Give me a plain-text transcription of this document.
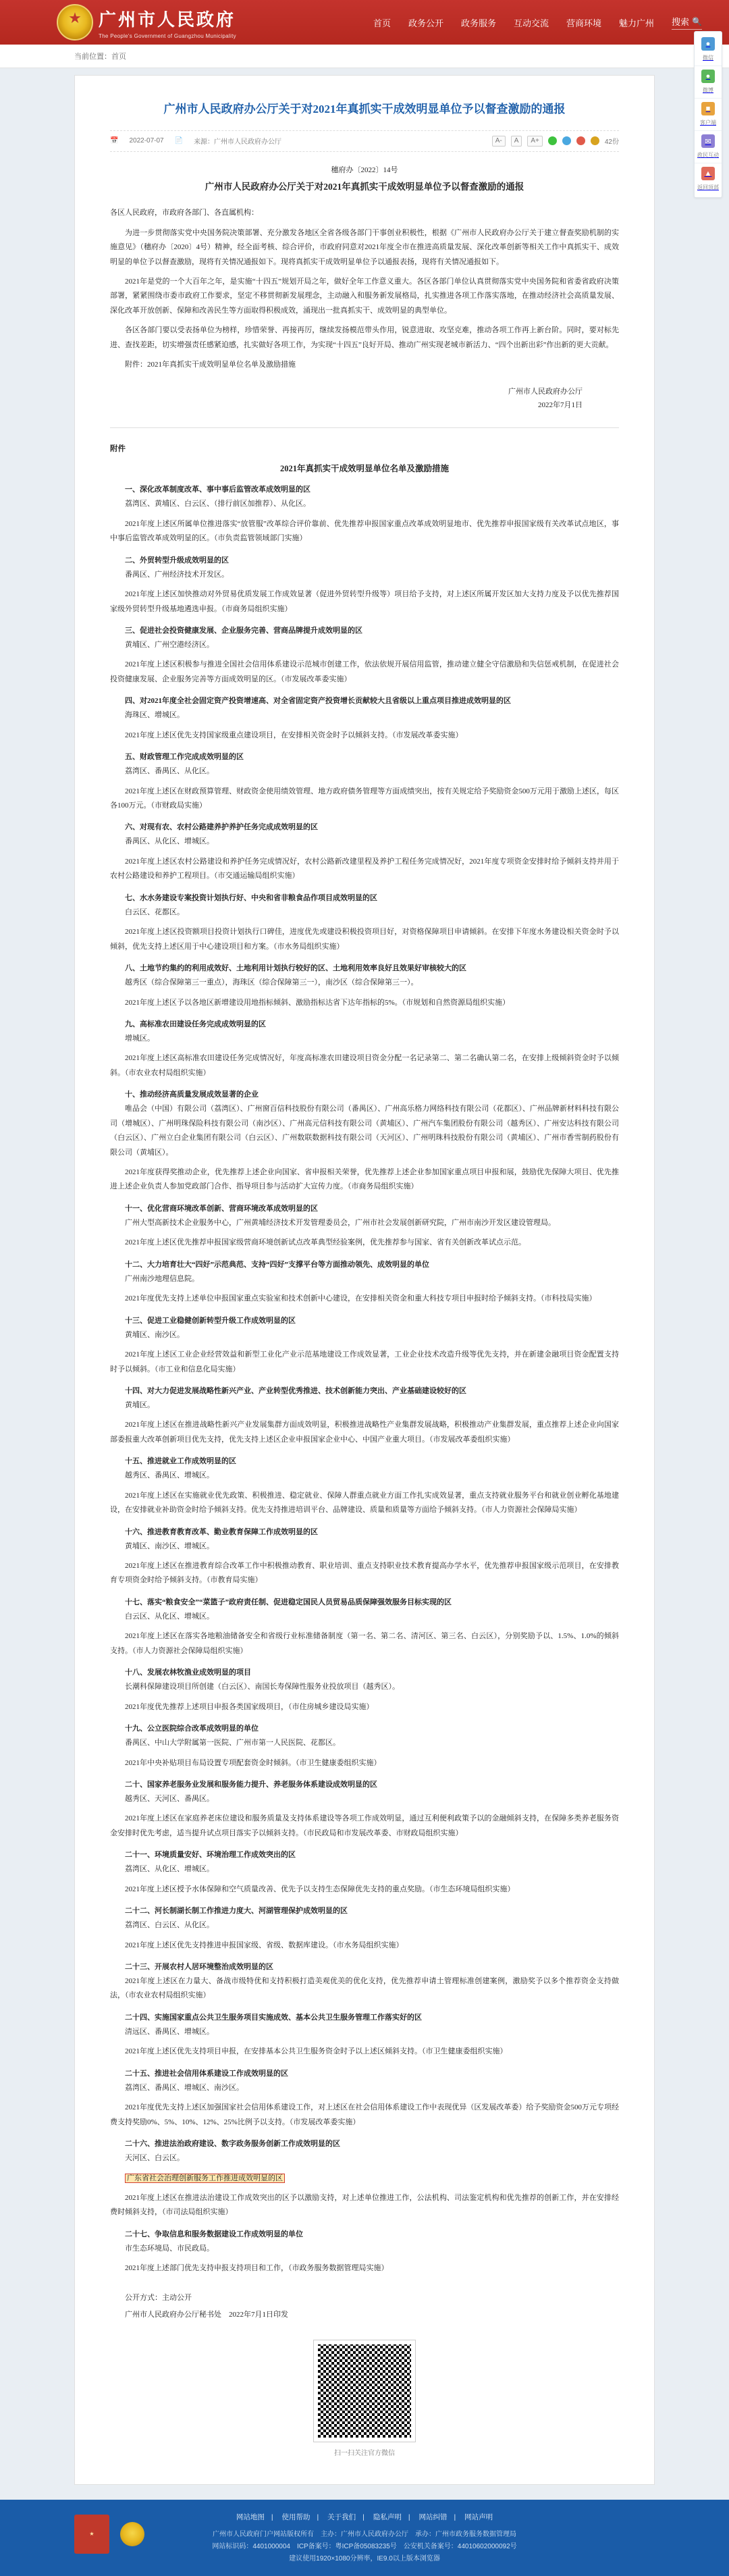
★
广州市人民政府
The People's Government of Guangzhou Municipality
首页 政务公开 政务服务 互动交流 营商环境 魅力广州 搜索 🔍
当前位置：首页
●
微信
●
微博
■
客户端
✉
政民互动
▲
返回顶部
广州市人民政府办公厅关于对2021年真抓实干成效明显单位予以督查激励的通报
📅 2022-07-07 📄 来源：广州市人民政府办公厅	A-	A	A+	42份
穗府办〔2022〕14号
广州市人民政府办公厅关于对2021年真抓实干成效明显单位予以督查激励的通报

各区人民政府，市政府各部门、各直属机构：

为进一步贯彻落实党中央国务院决策部署、充分激发各地区全省各级各部门干事创业积极性，根据《广州市人民政府办公厅关于建立督查奖励机制的实施意见》（穗府办〔2020〕4号）精神，经全面考核、综合评价，市政府同意对2021年度全市在推进高质量发展、深化改革创新等相关工作中真抓实干、成效明显的单位予以督查激励，现将有关情况通报如下。现将真抓实干成效明显单位予以通报表扬，现将有关情况通报如下。

2021年是党的一个大百年之年，是实施“十四五”规划开局之年，做好全年工作意义重大。各区各部门单位认真贯彻落实党中央国务院和省委省政府决策部署，紧紧围绕市委市政府工作要求，坚定不移贯彻新发展理念，主动融入和服务新发展格局，扎实推进各项工作落实落地，在推动经济社会高质量发展、深化改革开放创新、保障和改善民生等方面取得积极成效，涌现出一批真抓实干、成效明显的典型单位。

各区各部门要以受表扬单位为榜样，珍惜荣誉、再接再厉，继续发扬模范带头作用，锐意进取、攻坚克难，推动各项工作再上新台阶。同时，要对标先进、查找差距，切实增强责任感紧迫感，扎实做好各项工作，为实现“十四五”良好开局、推动广州实现老城市新活力、“四个出新出彩”作出新的更大贡献。

附件：2021年真抓实干成效明显单位名单及激励措施

广州市人民政府办公厅
2022年7月1日
附件
2021年真抓实干成效明显单位名单及激励措施
一、深化改革制度改革、事中事后监管改革成效明显的区

荔湾区、黄埔区、白云区、（排行前区加推荐）、从化区。

2021年度上述区所属单位推进落实“放管服”改革综合评价靠前、优先推荐申报国家重点改革成效明显地市、优先推荐申报国家级有关改革试点地区，事中事后监管改革成效明显的区。（市负责监管领域部门实施）

二、外贸转型升级成效明显的区

番禺区、广州经济技术开发区。

2021年度上述区加快推动对外贸易优质发展工作成效显著（促进外贸转型升级等）项目给予支持，对上述区所属开发区加大支持力度及予以优先推荐国家级外贸转型升级基地遴选申报。（市商务局组织实施）

三、促进社会投资健康发展、企业服务完善、营商品牌提升成效明显的区

黄埔区、广州空港经济区。

2021年度上述区积极参与推进全国社会信用体系建设示范城市创建工作，依法依规开展信用监管，推动建立健全守信激励和失信惩戒机制，在促进社会投资健康发展、企业服务完善等方面成效明显的区。（市发展改革委实施）

四、对2021年度全社会固定资产投资增速高、对全省固定资产投资增长贡献较大且省级以上重点项目推进成效明显的区

海珠区、增城区。

2021年度上述区优先支持国家级重点建设项目，在安排相关资金时予以倾斜支持。（市发展改革委实施）

五、财政管理工作完成成效明显的区

荔湾区、番禺区、从化区。

2021年度上述区在财政预算管理、财政资金使用绩效管理、地方政府债务管理等方面成绩突出，按有关规定给予奖励资金500万元用于激励上述区，每区各100万元。（市财政局实施）

六、对现有农、农村公路建养护养护任务完成成效明显的区

番禺区、从化区、增城区。

2021年度上述区农村公路建设和养护任务完成情况好，农村公路新改建里程及养护工程任务完成情况好，2021年度专项资金安排时给予倾斜支持并用于农村公路建设和养护工程项目。（市交通运输局组织实施）

七、水水务建设专案投资计划执行好、中央和省非粮食品作项目成效明显的区

白云区、花都区。

2021年度上述区投资额项目投资计划执行口碑佳，进度优先或建设积极投资项目好，对资格保障项目申请倾斜。在安排下年度水务建设相关资金时予以倾斜，优先支持上述区用于中心建设项目和方案。（市水务局组织实施）

八、土地节约集约的利用成效好、土地利用计划执行较好的区、土地利用效率良好且效果好审核较大的区

越秀区（综合保障第三一重点），海珠区（综合保障第三一），南沙区（综合保障第三一）。

2021年度上述区予以各地区新增建设用地指标倾斜、激励指标达省下达年指标的5%。（市规划和自然资源局组织实施）

九、高标准农田建设任务完成成效明显的区

增城区。

2021年度上述区高标准农田建设任务完成情况好，年度高标准农田建设项目资金分配一名记录第二、第二名确认第二名，在安排上级倾斜资金时予以倾斜。（市农业农村局组织实施）

十、推动经济高质量发展成效显著的企业

唯品会（中国）有限公司（荔湾区）、广州窗百信科技股份有限公司（番禺区）、广州高乐格力网络科技有限公司（花都区）、广州品牌新材料科技有限公司（增城区）、广州明珠保险科技有限公司（南沙区）、广州高元信科技有限公司（黄埔区）、广州汽车集团股份有限公司（越秀区）、广州安达科技有限公司（白云区）、广州立白企业集团有限公司（白云区）、广州数联数据科技有限公司（天河区）、广州明珠科技股份有限公司（黄埔区）、广州市香雪制药股份有限公司（黄埔区）。

2021年度获得奖推动企业，优先推荐上述企业向国家、省申报相关荣誉，优先推荐上述企业参加国家重点项目申报和展，鼓励优先保障大项目、优先推进上述企业负责人参加党政部门合作、指导项目参与活动扩大宣传力度。（市商务局组织实施）

十一、优化营商环境改革创新、营商环境改革成效明显的区

广州大型高新技术企业服务中心，广州黄埔经济技术开发管理委员会，广州市社会发展创新研究院，广州市南沙开发区建设管理局。

2021年度上述区优先推荐申报国家级营商环境创新试点改革典型经验案例，优先推荐参与国家、省有关创新改革试点示范。

十二、大力培育壮大“四好”示范典范、支持“四好”支撑平台等方面推动领先、成效明显的单位

广州南沙地理信息院。

2021年度优先支持上述单位申报国家重点实验室和技术创新中心建设，在安排相关资金和重大科技专项目申报时给予倾斜支持。（市科技局实施）

十三、促进工业稳健创新转型升级工作成效明显的区

黄埔区、南沙区。

2021年度上述区工业企业经营效益和新型工业化产业示范基地建设工作成效显著，工业企业技术改造升级等优先支持，并在新建金融项目资金配置支持时予以倾斜。（市工业和信息化局实施）

十四、对大力促进发展战略性新兴产业、产业转型优秀推进、技术创新能力突出、产业基础建设较好的区

黄埔区。

2021年度上述区在推进战略性新兴产业发展集群方面成效明显，积极推进战略性产业集群发展战略，积极推动产业集群发展，重点推荐上述企业向国家部委报重大改革创新项目优先支持，优先支持上述区企业申报国家企业中心、中国产业重大项目。（市发展改革委组织实施）

十五、推进就业工作成效明显的区

越秀区、番禺区、增城区。

2021年度上述区在实施就业优先政策、积极推进、稳定就业、保障人群重点就业方面工作扎实成效显著，重点支持就业服务平台和就业创业孵化基地建设，在安排就业补助资金时给予倾斜支持。优先支持推进培训平台、品牌建设、质量和质量等方面给予倾斜支持。（市人力资源社会保障局实施）

十六、推进教育教育改革、勤业教育保障工作成效明显的区

黄埔区、南沙区、增城区。

2021年度上述区在推进教育综合改革工作中积极推动教育、职业培训、重点支持职业技术教育提高办学水平，优先推荐申报国家级示范项目，在安排教育专项资金时给予倾斜支持。（市教育局实施）

十七、落实“粮食安全”“菜篮子”政府责任制、促进稳定国民人员贸易品质保障强效服务目标实现的区

白云区、从化区、增城区。

2021年度上述区在落实各地粮油储备安全和省级行业标准储备制度（第一名、第二名、清河区、第三名、白云区），分别奖励予以、1.5%、1.0%的倾斜支持。（市人力资源社会保障局组织实施）

十八、发展农林牧渔业成效明显的项目

长潮科保障建设项目所创建（白云区）、南国长寿保障性服务业投放项目（越秀区）。

2021年度优先推荐上述项目申报各类国家级项目，（市住房城乡建设局实施）

十九、公立医院综合改革成效明显的单位

番禺区、中山大学附属第一医院、广州市第一人民医院、花都区。

2021年中央补贴项目布局设置专项配套资金时倾斜。（市卫生健康委组织实施）

二十、国家养老服务业发展和服务能力提升、养老服务体系建设成效明显的区

越秀区、天河区、番禺区。

2021年度上述区在家庭养老床位建设和服务质量及支持体系建设等各项工作成效明显，通过互利便利政策予以的金融倾斜支持，在保障多类养老服务资金安排时优先考虑，适当提升试点项目落实予以倾斜支持。（市民政局和市发展改革委、市财政局组织实施）

二十一、环境质量安好、环境治理工作成效突出的区

荔湾区、从化区、增城区。

2021年度上述区授予水体保障和空气质量改善、优先予以支持生态保障优先支持的重点奖励。（市生态环境局组织实施）

二十二、河长制湖长制工作推进力度大、河湖管理保护成效明显的区

荔湾区、白云区、从化区。

2021年度上述区优先支持推进申报国家级、省级、数据库建设。（市水务局组织实施）

二十三、开展农村人居环境整治成效明显的区

2021年度上述区在力量大、备战市级特优和支持积极打造美观优美的优化支持，优先推荐申请土管理标准创建案例，激励奖予以多个推荐资金支持做法，（市农业农村局组织实施）

二十四、实施国家重点公共卫生服务项目实施成效、基本公共卫生服务管理工作落实好的区

清远区、番禺区、增城区。

2021年度上述区优先支持项目申报，在安排基本公共卫生服务资金时予以上述区倾斜支持。（市卫生健康委组织实施）

二十五、推进社会信用体系建设工作成效明显的区

荔湾区、番禺区、增城区、南沙区。

2021年度优先支持上述区加强国家社会信用体系建设工作，对上述区在社会信用体系建设工作中表现优异（区发展改革委）给予奖励资金500万元专项经费支持奖励0%、5%、10%、12%、25%比例予以支持。（市发展改革委实施）

二十六、推进法治政府建设、数字政务服务创新工作成效明显的区

天河区、白云区。

广东省社会治理创新服务工作推进成效明显的区

2021年度上述区在推进法治建设工作成效突出的区予以激励支持，对上述单位推进工作，公法机构、司法鉴定机构和优先推荐的创新工作，并在安排经费时倾斜支持，（市司法局组织实施）

二十七、争取信息和服务数据建设工作成效明显的单位

市生态环境局、市民政局。

2021年度上述部门优先支持申报支持项目和工作，（市政务服务数据管理局实施）

公开方式：主动公开

广州市人民政府办公厅秘书处　2022年7月1日印发

扫一扫关注官方微信
★
网站地图 | 使用帮助 | 关于我们 | 隐私声明 | 网站纠错 | 网站声明
广州市人民政府门户网站版权所有　主办：广州市人民政府办公厅　承办：广州市政务服务数据管理局
网站标识码：4401000004　ICP备案号：粤ICP备05083235号　公安机关备案号：44010602000092号
建议使用1920×1080分辨率，IE9.0以上版本浏览器
